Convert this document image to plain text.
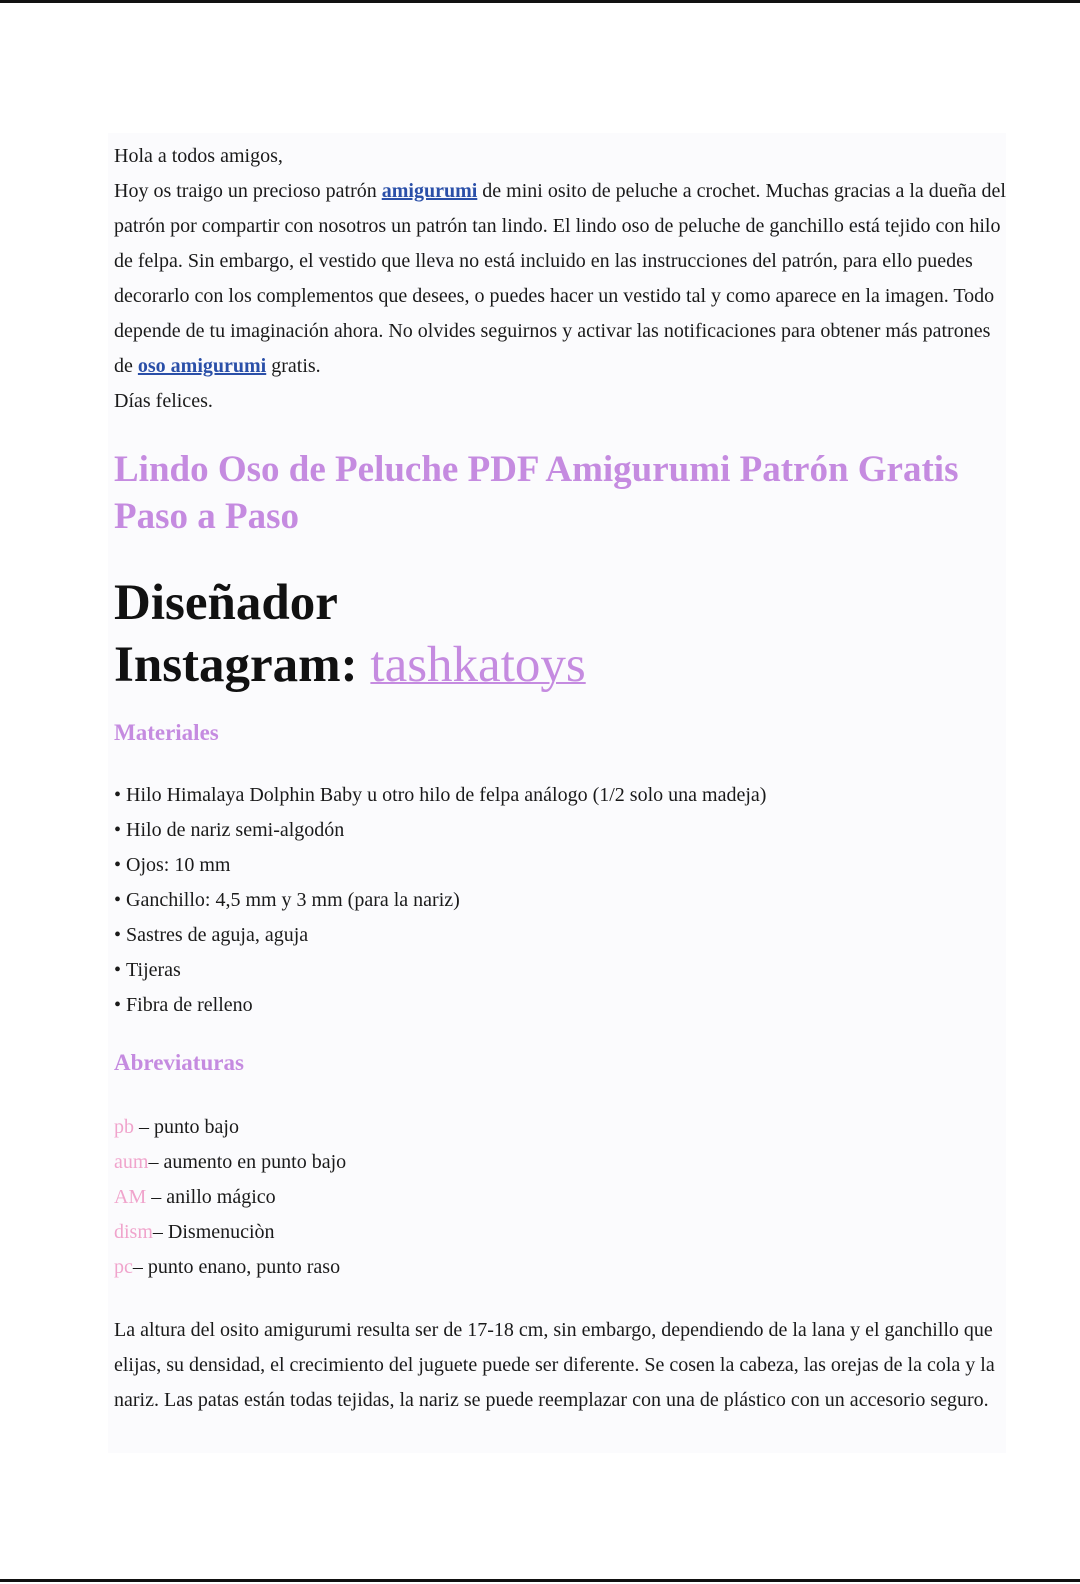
Hola a todos amigos,

Hoy os traigo un precioso patrón amigurumi de mini osito de peluche a crochet. Muchas gracias a la dueña del patrón por compartir con nosotros un patrón tan lindo. El lindo oso de peluche de ganchillo está tejido con hilo de felpa. Sin embargo, el vestido que lleva no está incluido en las instrucciones del patrón, para ello puedes decorarlo con los complementos que desees, o puedes hacer un vestido tal y como aparece en la imagen. Todo depende de tu imaginación ahora. No olvides seguirnos y activar las notificaciones para obtener más patrones de oso amigurumi gratis.

Días felices.

Lindo Oso de Peluche PDF Amigurumi Patrón Gratis Paso a Paso
Diseñador
Instagram: tashkatoys
Materiales
• Hilo Himalaya Dolphin Baby u otro hilo de felpa análogo (1/2 solo una madeja)
• Hilo de nariz semi-algodón
• Ojos: 10 mm
• Ganchillo: 4,5 mm y 3 mm (para la nariz)
• Sastres de aguja, aguja
• Tijeras
• Fibra de relleno
Abreviaturas
pb – punto bajo
aum– aumento en punto bajo
AM – anillo mágico
dism– Dismenuciòn
pc– punto enano, punto raso

La altura del osito amigurumi resulta ser de 17-18 cm, sin embargo, dependiendo de la lana y el ganchillo que elijas, su densidad, el crecimiento del juguete puede ser diferente. Se cosen la cabeza, las orejas de la cola y la nariz. Las patas están todas tejidas, la nariz se puede reemplazar con una de plástico con un accesorio seguro.
